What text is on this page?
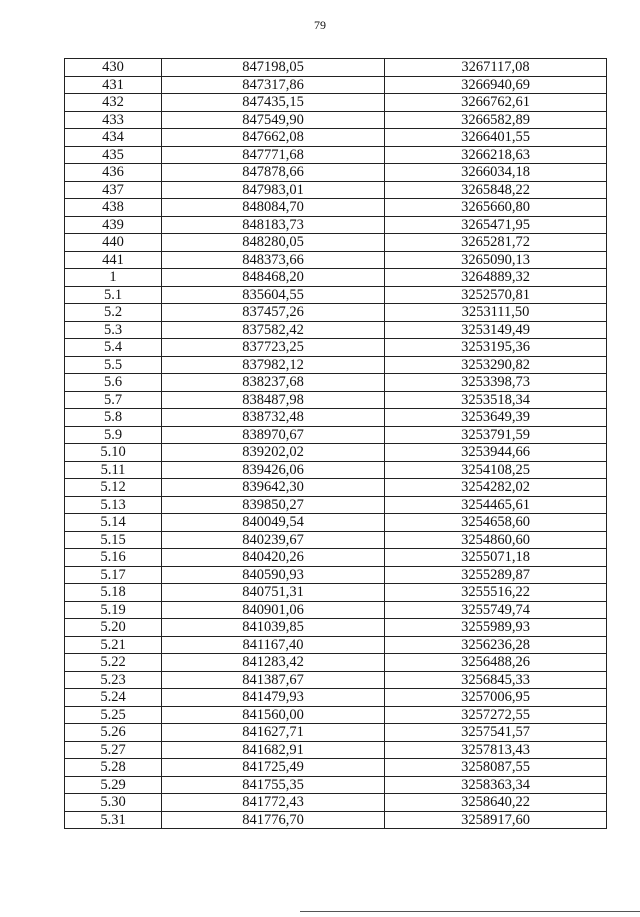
79
430	847198,05	3267117,08
431	847317,86	3266940,69
432	847435,15	3266762,61
433	847549,90	3266582,89
434	847662,08	3266401,55
435	847771,68	3266218,63
436	847878,66	3266034,18
437	847983,01	3265848,22
438	848084,70	3265660,80
439	848183,73	3265471,95
440	848280,05	3265281,72
441	848373,66	3265090,13
1	848468,20	3264889,32
5.1	835604,55	3252570,81
5.2	837457,26	3253111,50
5.3	837582,42	3253149,49
5.4	837723,25	3253195,36
5.5	837982,12	3253290,82
5.6	838237,68	3253398,73
5.7	838487,98	3253518,34
5.8	838732,48	3253649,39
5.9	838970,67	3253791,59
5.10	839202,02	3253944,66
5.11	839426,06	3254108,25
5.12	839642,30	3254282,02
5.13	839850,27	3254465,61
5.14	840049,54	3254658,60
5.15	840239,67	3254860,60
5.16	840420,26	3255071,18
5.17	840590,93	3255289,87
5.18	840751,31	3255516,22
5.19	840901,06	3255749,74
5.20	841039,85	3255989,93
5.21	841167,40	3256236,28
5.22	841283,42	3256488,26
5.23	841387,67	3256845,33
5.24	841479,93	3257006,95
5.25	841560,00	3257272,55
5.26	841627,71	3257541,57
5.27	841682,91	3257813,43
5.28	841725,49	3258087,55
5.29	841755,35	3258363,34
5.30	841772,43	3258640,22
5.31	841776,70	3258917,60
